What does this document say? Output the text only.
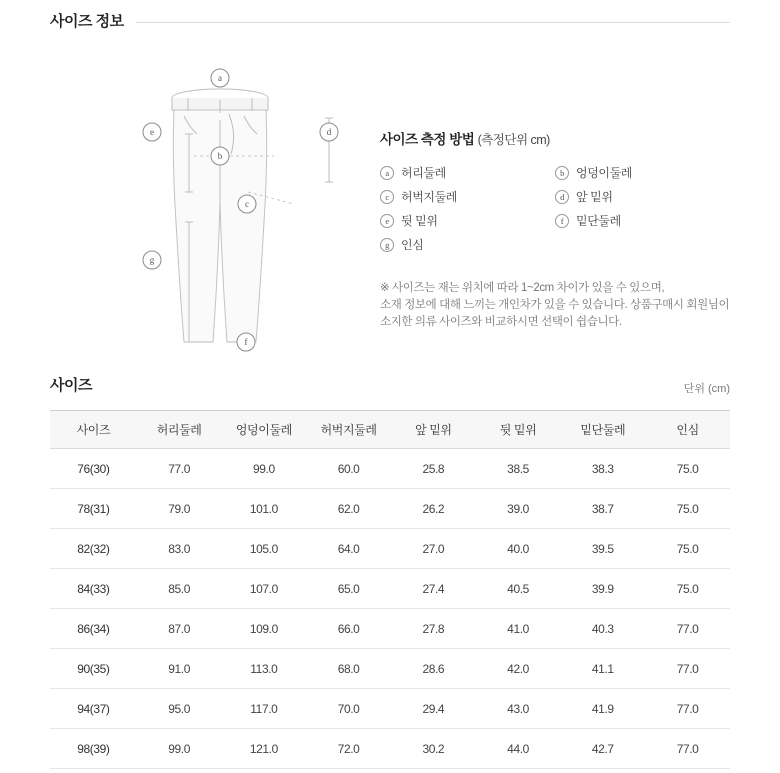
사이즈 정보
a
b
c
d
e
f
g
사이즈 측정 방법 (측정단위 cm)
a	허리둘레	b	엉덩이둘레
c	허벅지둘레	d	앞 밑위
e	뒷 밑위	f	밑단둘레
g	인심
※ 사이즈는 재는 위치에 따라 1~2cm 차이가 있을 수 있으며,
소재 정보에 대해 느끼는 개인차가 있을 수 있습니다. 상품구매시 회원님이
소지한 의류 사이즈와 비교하시면 선택이 쉽습니다.
사이즈	단위 (cm)
사이즈	허리둘레	엉덩이둘레	허벅지둘레	앞 밑위	뒷 밑위	밑단둘레	인심
76(30)	77.0	99.0	60.0	25.8	38.5	38.3	75.0
78(31)	79.0	101.0	62.0	26.2	39.0	38.7	75.0
82(32)	83.0	105.0	64.0	27.0	40.0	39.5	75.0
84(33)	85.0	107.0	65.0	27.4	40.5	39.9	75.0
86(34)	87.0	109.0	66.0	27.8	41.0	40.3	77.0
90(35)	91.0	113.0	68.0	28.6	42.0	41.1	77.0
94(37)	95.0	117.0	70.0	29.4	43.0	41.9	77.0
98(39)	99.0	121.0	72.0	30.2	44.0	42.7	77.0
